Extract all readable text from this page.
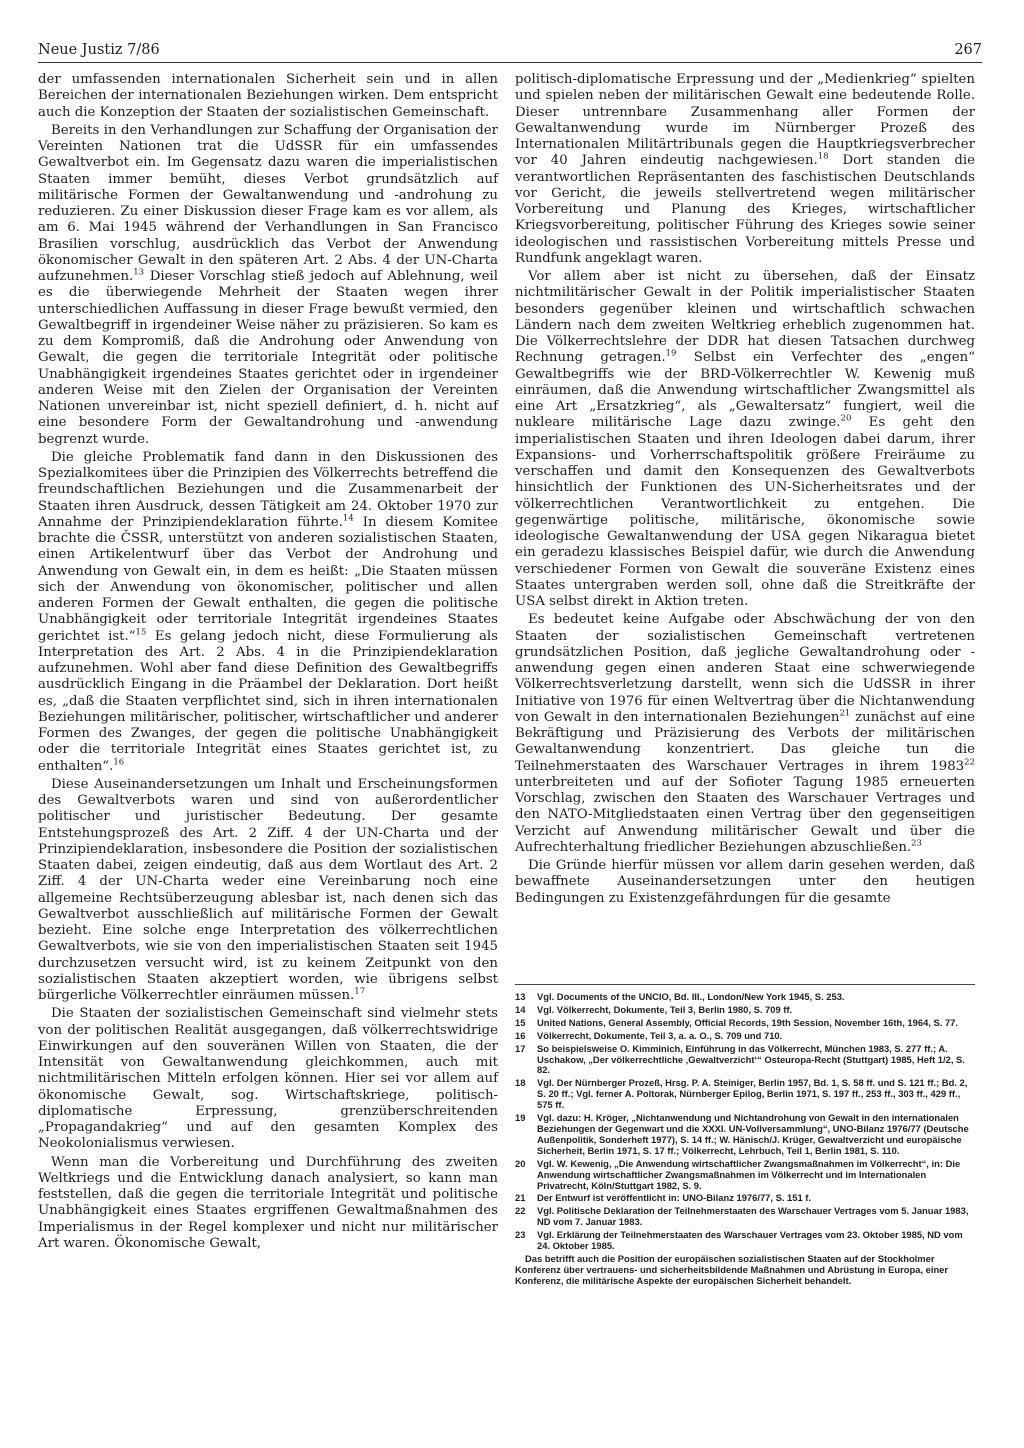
Neue Justiz 7/86	267

der umfassenden internationalen Sicherheit sein und in allen Bereichen der internationalen Beziehungen wirken. Dem entspricht auch die Konzeption der Staaten der sozialistischen Gemeinschaft.

Bereits in den Verhandlungen zur Schaffung der Organisation der Vereinten Nationen trat die UdSSR für ein umfassendes Gewaltverbot ein. Im Gegensatz dazu waren die imperialistischen Staaten immer bemüht, dieses Verbot grundsätzlich auf militärische Formen der Gewaltanwendung und -androhung zu reduzieren. Zu einer Diskussion dieser Frage kam es vor allem, als am 6. Mai 1945 während der Verhandlungen in San Francisco Brasilien vorschlug, ausdrücklich das Verbot der Anwendung ökonomischer Gewalt in den späteren Art. 2 Abs. 4 der UN-Charta aufzunehmen.$^{13}$ Dieser Vorschlag stieß jedoch auf Ablehnung, weil es die überwiegende Mehrheit der Staaten wegen ihrer unterschiedlichen Auffassung in dieser Frage bewußt vermied, den Gewaltbegriff in irgendeiner Weise näher zu präzisieren. So kam es zu dem Kompromiß, daß die Androhung oder Anwendung von Gewalt, die gegen die territoriale Integrität oder politische Unabhängigkeit irgendeines Staates gerichtet oder in irgendeiner anderen Weise mit den Zielen der Organisation der Vereinten Nationen unvereinbar ist, nicht speziell definiert, d. h. nicht auf eine besondere Form der Gewaltandrohung und -anwendung begrenzt wurde.

Die gleiche Problematik fand dann in den Diskussionen des Spezialkomitees über die Prinzipien des Völkerrechts betreffend die freundschaftlichen Beziehungen und die Zusammenarbeit der Staaten ihren Ausdruck, dessen Tätigkeit am 24. Oktober 1970 zur Annahme der Prinzipiendeklaration führte.$^{14}$ In diesem Komitee brachte die ČSSR, unterstützt von anderen sozialistischen Staaten, einen Artikelentwurf über das Verbot der Androhung und Anwendung von Gewalt ein, in dem es heißt: „Die Staaten müssen sich der Anwendung von ökonomischer, politischer und allen anderen Formen der Gewalt enthalten, die gegen die politische Unabhängigkeit oder territoriale Integrität irgendeines Staates gerichtet ist.“$^{15}$ Es gelang jedoch nicht, diese Formulierung als Interpretation des Art. 2 Abs. 4 in die Prinzipiendeklaration aufzunehmen. Wohl aber fand diese Definition des Gewaltbegriffs ausdrücklich Eingang in die Präambel der Deklaration. Dort heißt es, „daß die Staaten verpflichtet sind, sich in ihren internationalen Beziehungen militärischer, politischer, wirtschaftlicher und anderer Formen des Zwanges, der gegen die politische Unabhängigkeit oder die territoriale Integrität eines Staates gerichtet ist, zu enthalten“.$^{16}$

Diese Auseinandersetzungen um Inhalt und Erscheinungsformen des Gewaltverbots waren und sind von außerordentlicher politischer und juristischer Bedeutung. Der gesamte Entstehungsprozeß des Art. 2 Ziff. 4 der UN-Charta und der Prinzipiendeklaration, insbesondere die Position der sozialistischen Staaten dabei, zeigen eindeutig, daß aus dem Wortlaut des Art. 2 Ziff. 4 der UN-Charta weder eine Vereinbarung noch eine allgemeine Rechtsüberzeugung ablesbar ist, nach denen sich das Gewaltverbot ausschließlich auf militärische Formen der Gewalt bezieht. Eine solche enge Interpretation des völkerrechtlichen Gewaltverbots, wie sie von den imperialistischen Staaten seit 1945 durchzusetzen versucht wird, ist zu keinem Zeitpunkt von den sozialistischen Staaten akzeptiert worden, wie übrigens selbst bürgerliche Völkerrechtler einräumen müssen.$^{17}$

Die Staaten der sozialistischen Gemeinschaft sind vielmehr stets von der politischen Realität ausgegangen, daß völkerrechtswidrige Einwirkungen auf den souveränen Willen von Staaten, die der Intensität von Gewaltanwendung gleichkommen, auch mit nichtmilitärischen Mitteln erfolgen können. Hier sei vor allem auf ökonomische Gewalt, sog. Wirtschaftskriege, politisch-diplomatische Erpressung, grenzüberschreitenden „Propagandakrieg“ und auf den gesamten Komplex des Neokolonialismus verwiesen.

Wenn man die Vorbereitung und Durchführung des zweiten Weltkriegs und die Entwicklung danach analysiert, so kann man feststellen, daß die gegen die territoriale Integrität und politische Unabhängigkeit eines Staates ergriffenen Gewaltmaßnahmen des Imperialismus in der Regel komplexer und nicht nur militärischer Art waren. Ökonomische Gewalt,

politisch-diplomatische Erpressung und der „Medienkrieg“ spielten und spielen neben der militärischen Gewalt eine bedeutende Rolle. Dieser untrennbare Zusammenhang aller Formen der Gewaltanwendung wurde im Nürnberger Prozeß des Internationalen Militärtribunals gegen die Hauptkriegsverbrecher vor 40 Jahren eindeutig nachgewiesen.$^{18}$ Dort standen die verantwortlichen Repräsentanten des faschistischen Deutschlands vor Gericht, die jeweils stellvertretend wegen militärischer Vorbereitung und Planung des Krieges, wirtschaftlicher Kriegsvorbereitung, politischer Führung des Krieges sowie seiner ideologischen und rassistischen Vorbereitung mittels Presse und Rundfunk angeklagt waren.

Vor allem aber ist nicht zu übersehen, daß der Einsatz nichtmilitärischer Gewalt in der Politik imperialistischer Staaten besonders gegenüber kleinen und wirtschaftlich schwachen Ländern nach dem zweiten Weltkrieg erheblich zugenommen hat. Die Völkerrechtslehre der DDR hat diesen Tatsachen durchweg Rechnung getragen.$^{19}$ Selbst ein Verfechter des „engen“ Gewaltbegriffs wie der BRD-Völkerrechtler W. Kewenig muß einräumen, daß die Anwendung wirtschaftlicher Zwangsmittel als eine Art „Ersatzkrieg“, als „Gewaltersatz“ fungiert, weil die nukleare militärische Lage dazu zwinge.$^{20}$ Es geht den imperialistischen Staaten und ihren Ideologen dabei darum, ihrer Expansions- und Vorherrschaftspolitik größere Freiräume zu verschaffen und damit den Konsequenzen des Gewaltverbots hinsichtlich der Funktionen des UN-Sicherheitsrates und der völkerrechtlichen Verantwortlichkeit zu entgehen. Die gegenwärtige politische, militärische, ökonomische sowie ideologische Gewaltanwendung der USA gegen Nikaragua bietet ein geradezu klassisches Beispiel dafür, wie durch die Anwendung verschiedener Formen von Gewalt die souveräne Existenz eines Staates untergraben werden soll, ohne daß die Streitkräfte der USA selbst direkt in Aktion treten.

Es bedeutet keine Aufgabe oder Abschwächung der von den Staaten der sozialistischen Gemeinschaft vertretenen grundsätzlichen Position, daß jegliche Gewaltandrohung oder -anwendung gegen einen anderen Staat eine schwerwiegende Völkerrechtsverletzung darstellt, wenn sich die UdSSR in ihrer Initiative von 1976 für einen Weltvertrag über die Nichtanwendung von Gewalt in den internationalen Beziehungen$^{21}$ zunächst auf eine Bekräftigung und Präzisierung des Verbots der militärischen Gewaltanwendung konzentriert. Das gleiche tun die Teilnehmerstaaten des Warschauer Vertrages in ihrem 1983$^{22}$ unterbreiteten und auf der Sofioter Tagung 1985 erneuerten Vorschlag, zwischen den Staaten des Warschauer Vertrages und den NATO-Mitgliedstaaten einen Vertrag über den gegenseitigen Verzicht auf Anwendung militärischer Gewalt und über die Aufrechterhaltung friedlicher Beziehungen abzuschließen.$^{23}$

Die Gründe hierfür müssen vor allem darin gesehen werden, daß bewaffnete Auseinandersetzungen unter den heutigen Bedingungen zu Existenzgefährdungen für die gesamte

13 Vgl. Documents of the UNCIO, Bd. III., London/New York 1945, S. 253.
14 Vgl. Völkerrecht, Dokumente, Teil 3, Berlin 1980, S. 709 ff.
15 United Nations, General Assembly, Official Records, 19th Session, November 16th, 1964, S. 77.
16 Völkerrecht, Dokumente, Teil 3, a. a. O., S. 709 und 710.
17 So beispielsweise O. Kimminich, Einführung in das Völkerrecht, München 1983, S. 277 ff.; A. Uschakow, „Der völkerrechtliche ‚Gewaltverzicht‘“ Osteuropa-Recht (Stuttgart) 1985, Heft 1/2, S. 82.
18 Vgl. Der Nürnberger Prozeß, Hrsg. P. A. Steiniger, Berlin 1957, Bd. 1, S. 58 ff. und S. 121 ff.; Bd. 2, S. 20 ff.; Vgl. ferner A. Poltorak, Nürnberger Epilog, Berlin 1971, S. 197 ff., 253 ff., 303 ff., 429 ff., 575 ff.
19 Vgl. dazu: H. Kröger, „Nichtanwendung und Nichtandrohung von Gewalt in den internationalen Beziehungen der Gegenwart und die XXXI. UN-Vollversammlung“, UNO-Bilanz 1976/77 (Deutsche Außenpolitik, Sonderheft 1977), S. 14 ff.; W. Hänisch/J. Krüger, Gewaltverzicht und europäische Sicherheit, Berlin 1971, S. 17 ff.; Völkerrecht, Lehrbuch, Teil 1, Berlin 1981, S. 110.
20 Vgl. W. Kewenig, „Die Anwendung wirtschaftlicher Zwangsmaßnahmen im Völkerrecht“, in: Die Anwendung wirtschaftlicher Zwangsmaßnahmen im Völkerrecht und im Internationalen Privatrecht, Köln/Stuttgart 1982, S. 9.
21 Der Entwurf ist veröffentlicht in: UNO-Bilanz 1976/77, S. 151 f.
22 Vgl. Politische Deklaration der Teilnehmerstaaten des Warschauer Vertrages vom 5. Januar 1983, ND vom 7. Januar 1983.
23 Vgl. Erklärung der Teilnehmerstaaten des Warschauer Vertrages vom 23. Oktober 1985, ND vom 24. Oktober 1985.

Das betrifft auch die Position der europäischen sozialistischen Staaten auf der Stockholmer Konferenz über vertrauens- und sicherheitsbildende Maßnahmen und Abrüstung in Europa, einer Konferenz, die militärische Aspekte der europäischen Sicherheit behandelt.
